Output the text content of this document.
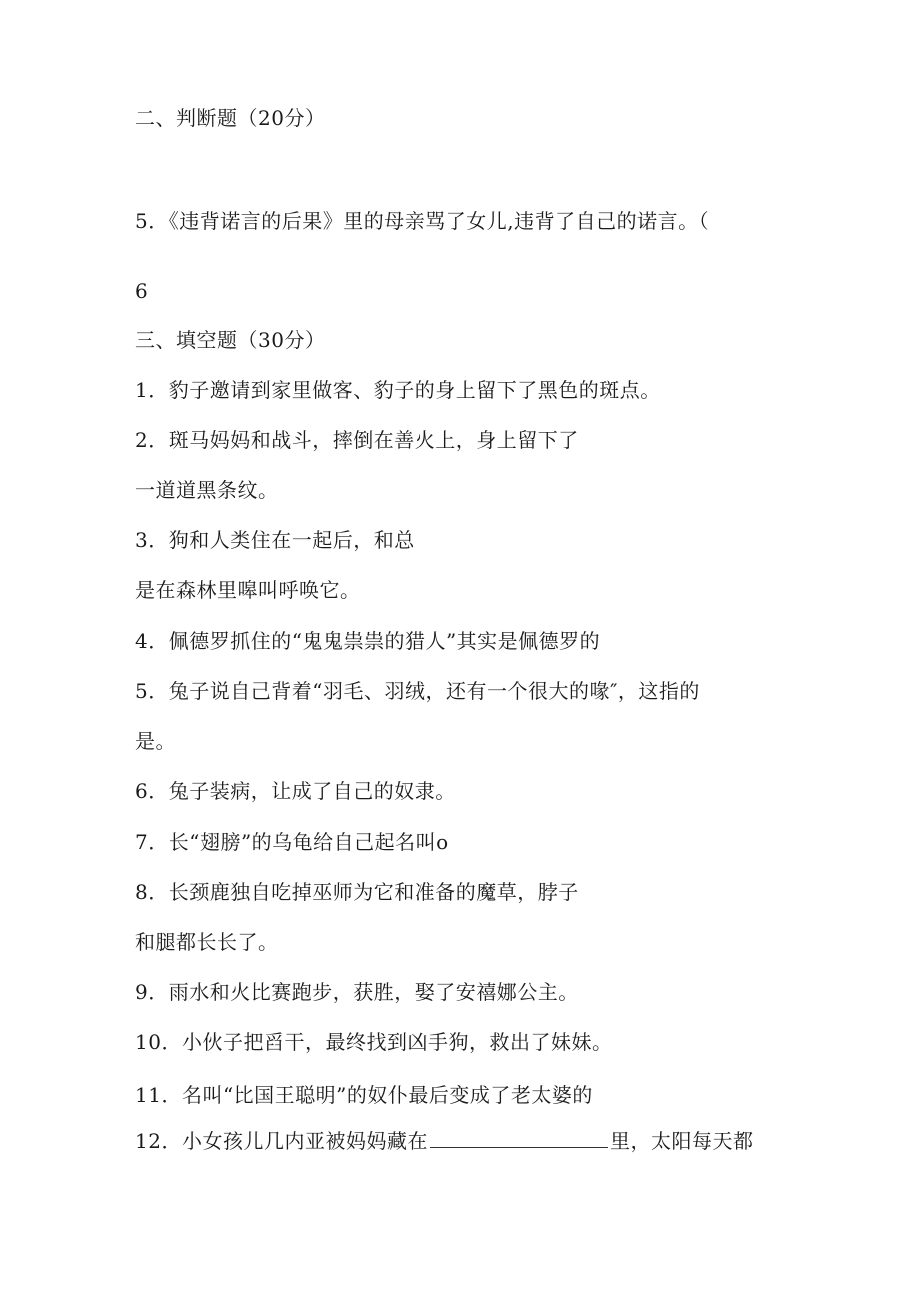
二、判断题（20分）
5．《违背诺言的后果》里的母亲骂了女儿,违背了自己的诺言。（
6
三、填空题（30分）
1．豹子邀请到家里做客、豹子的身上留下了黑色的斑点。
2．斑马妈妈和战斗，摔倒在善火上，身上留下了
一道道黑条纹。
3．狗和人类住在一起后，和总
是在森林里嗥叫呼唤它。
4．佩德罗抓住的“鬼鬼祟祟的猎人”其实是佩德罗的
5．兔子说自己背着“羽毛、羽绒，还有一个很大的喙″，这指的
是。
6．兔子装病，让成了自己的奴隶。
7．长“翅膀”的乌龟给自己起名叫o
8．长颈鹿独自吃掉巫师为它和准备的魔草，脖子
和腿都长长了。
9．雨水和火比赛跑步，获胜，娶了安禧娜公主。
10．小伙子把舀干，最终找到凶手狗，救出了妹妹。
11．名叫“比国王聪明”的奴仆最后变成了老太婆的
12．小女孩儿几内亚被妈妈藏在	里，太阳每天都
